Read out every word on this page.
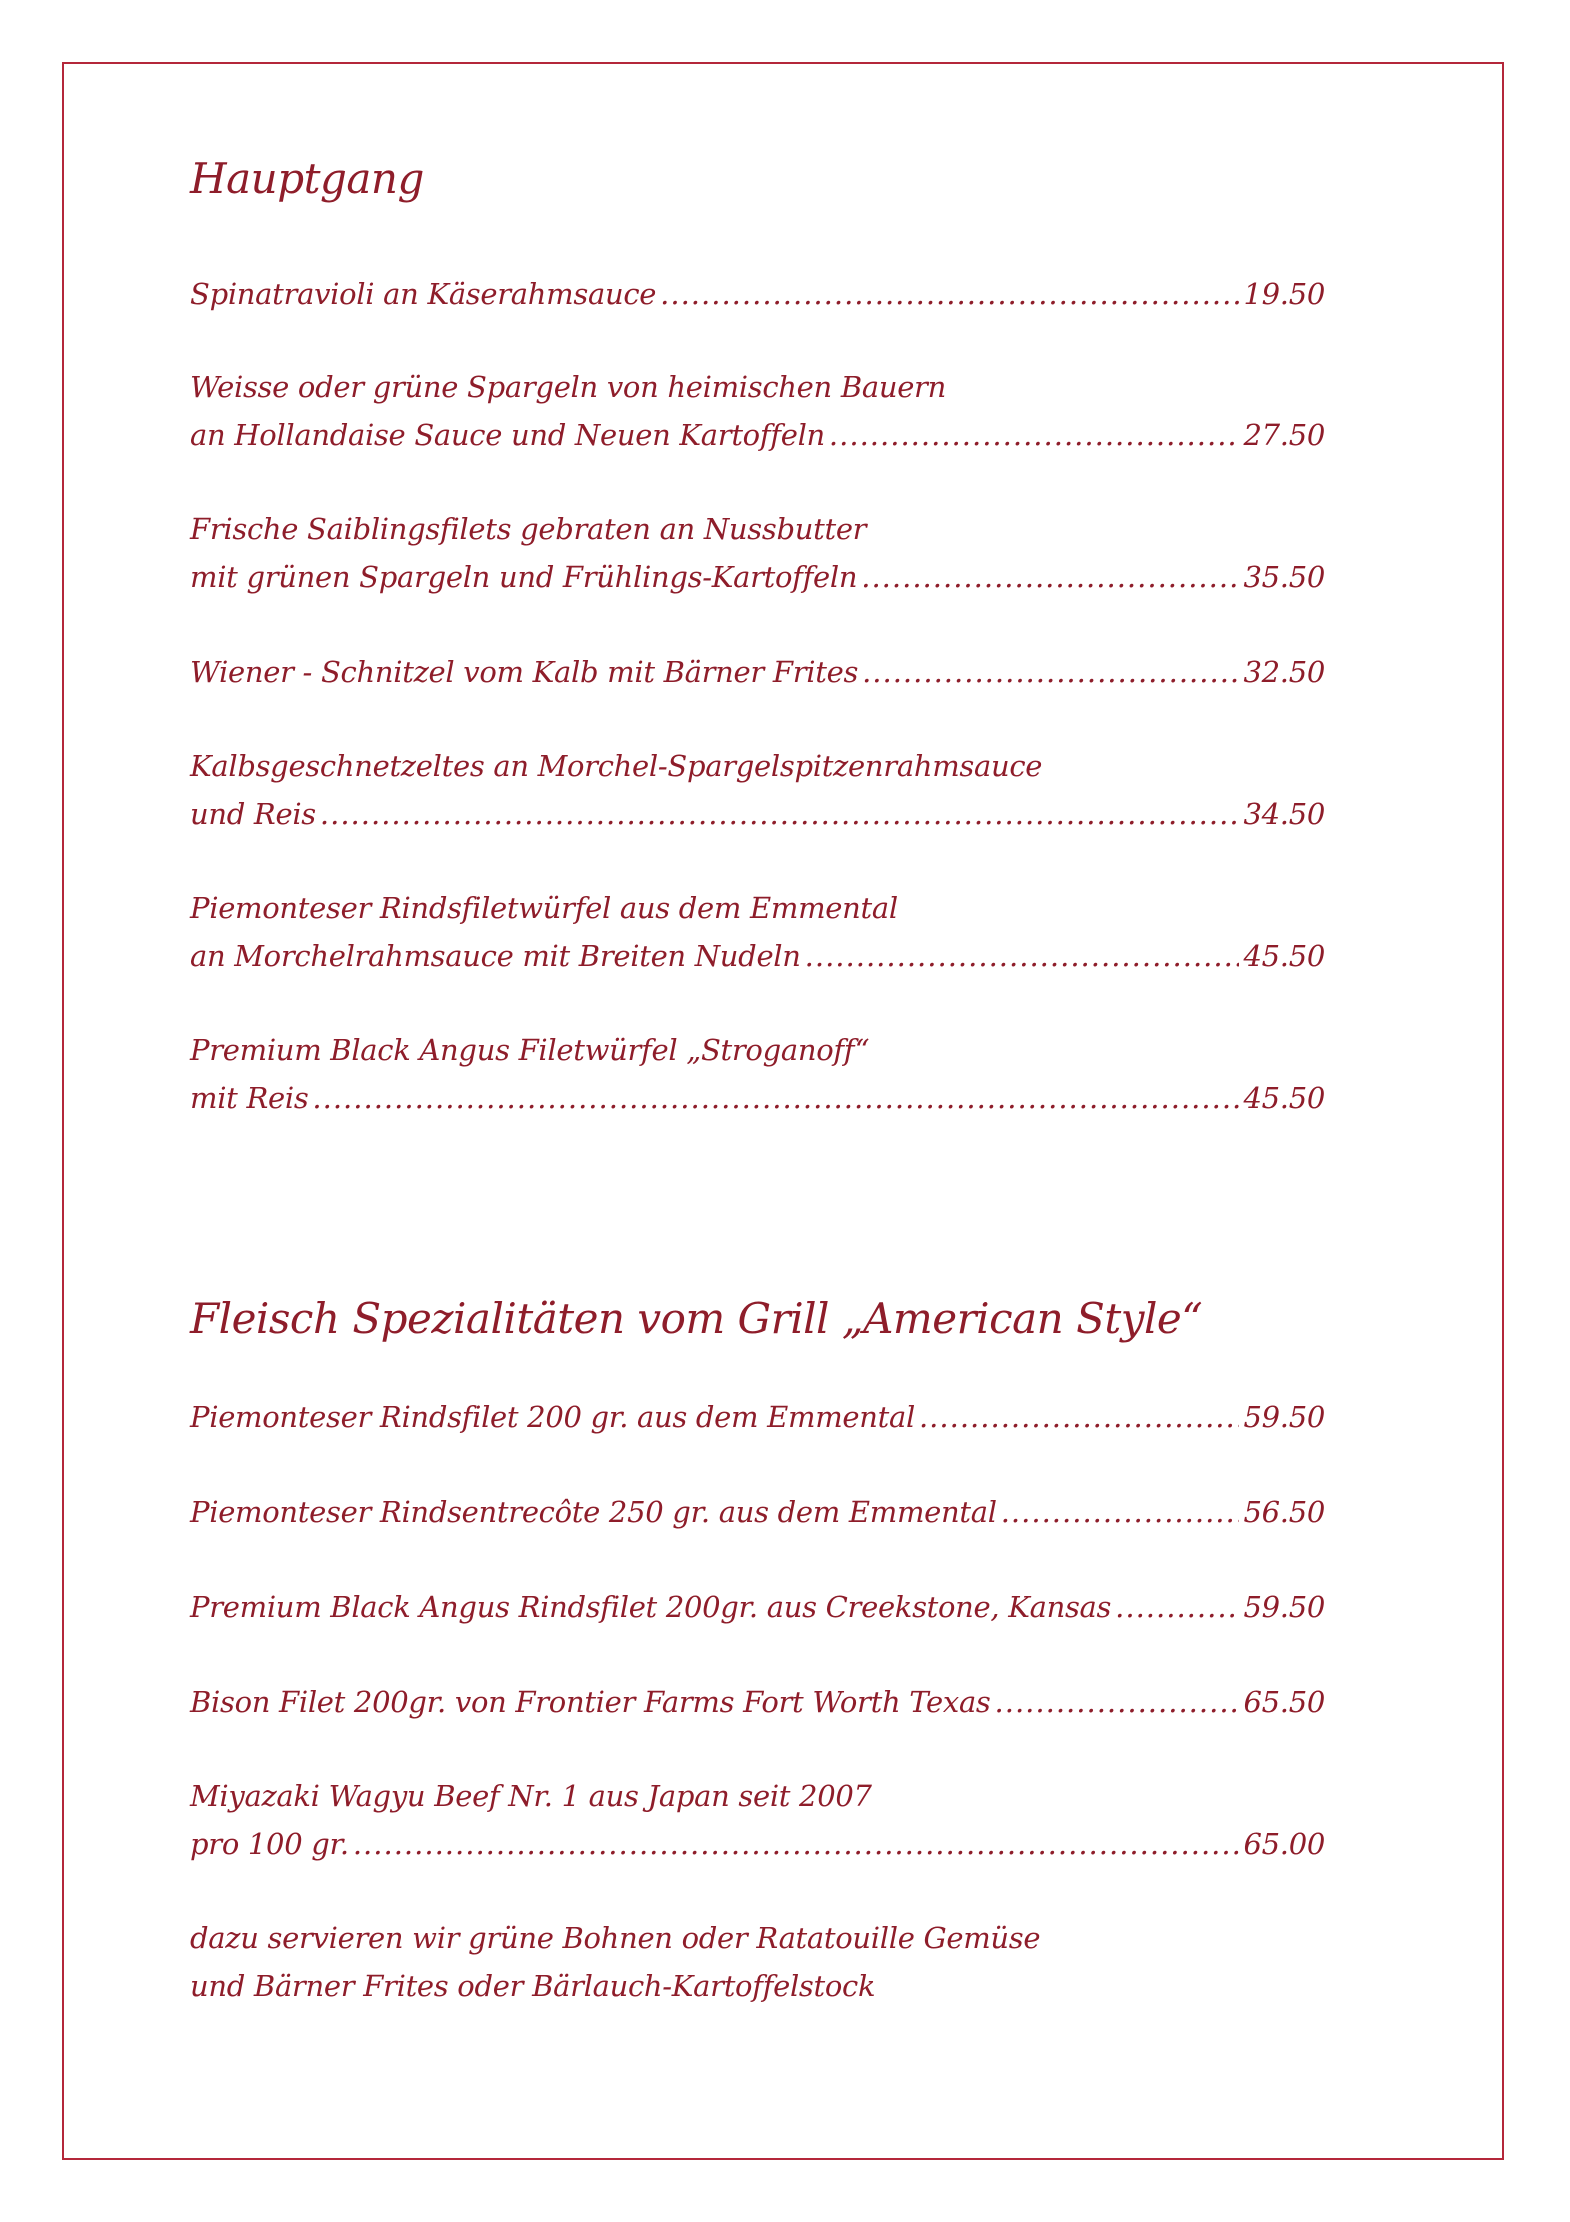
Hauptgang
Spinatravioli an Käserahmsauce .....	19.50
Weisse oder grüne Spargeln von heimischen Bauern
an Hollandaise Sauce und Neuen Kartoffeln .....	27.50
Frische Saiblingsfilets gebraten an Nussbutter
mit grünen Spargeln und Frühlings-Kartoffeln .....	35.50
Wiener - Schnitzel vom Kalb mit Bärner Frites .....	32.50
Kalbsgeschnetzeltes an Morchel-Spargelspitzenrahmsauce
und Reis .....	34.50
Piemonteser Rindsfiletwürfel aus dem Emmental
an Morchelrahmsauce mit Breiten Nudeln .....	45.50
Premium Black Angus Filetwürfel „Stroganoff“
mit Reis .....	45.50
Fleisch Spezialitäten vom Grill „American Style“
Piemonteser Rindsfilet 200 gr. aus dem Emmental .....	59.50
Piemonteser Rindsentrecôte 250 gr. aus dem Emmental .....	56.50
Premium Black Angus Rindsfilet 200gr. aus Creekstone, Kansas .....	59.50
Bison Filet 200gr. von Frontier Farms Fort Worth Texas .....	65.50
Miyazaki Wagyu Beef Nr. 1 aus Japan seit 2007
pro 100 gr. .....	65.00
dazu servieren wir grüne Bohnen oder Ratatouille Gemüse
und Bärner Frites oder Bärlauch-Kartoffelstock
